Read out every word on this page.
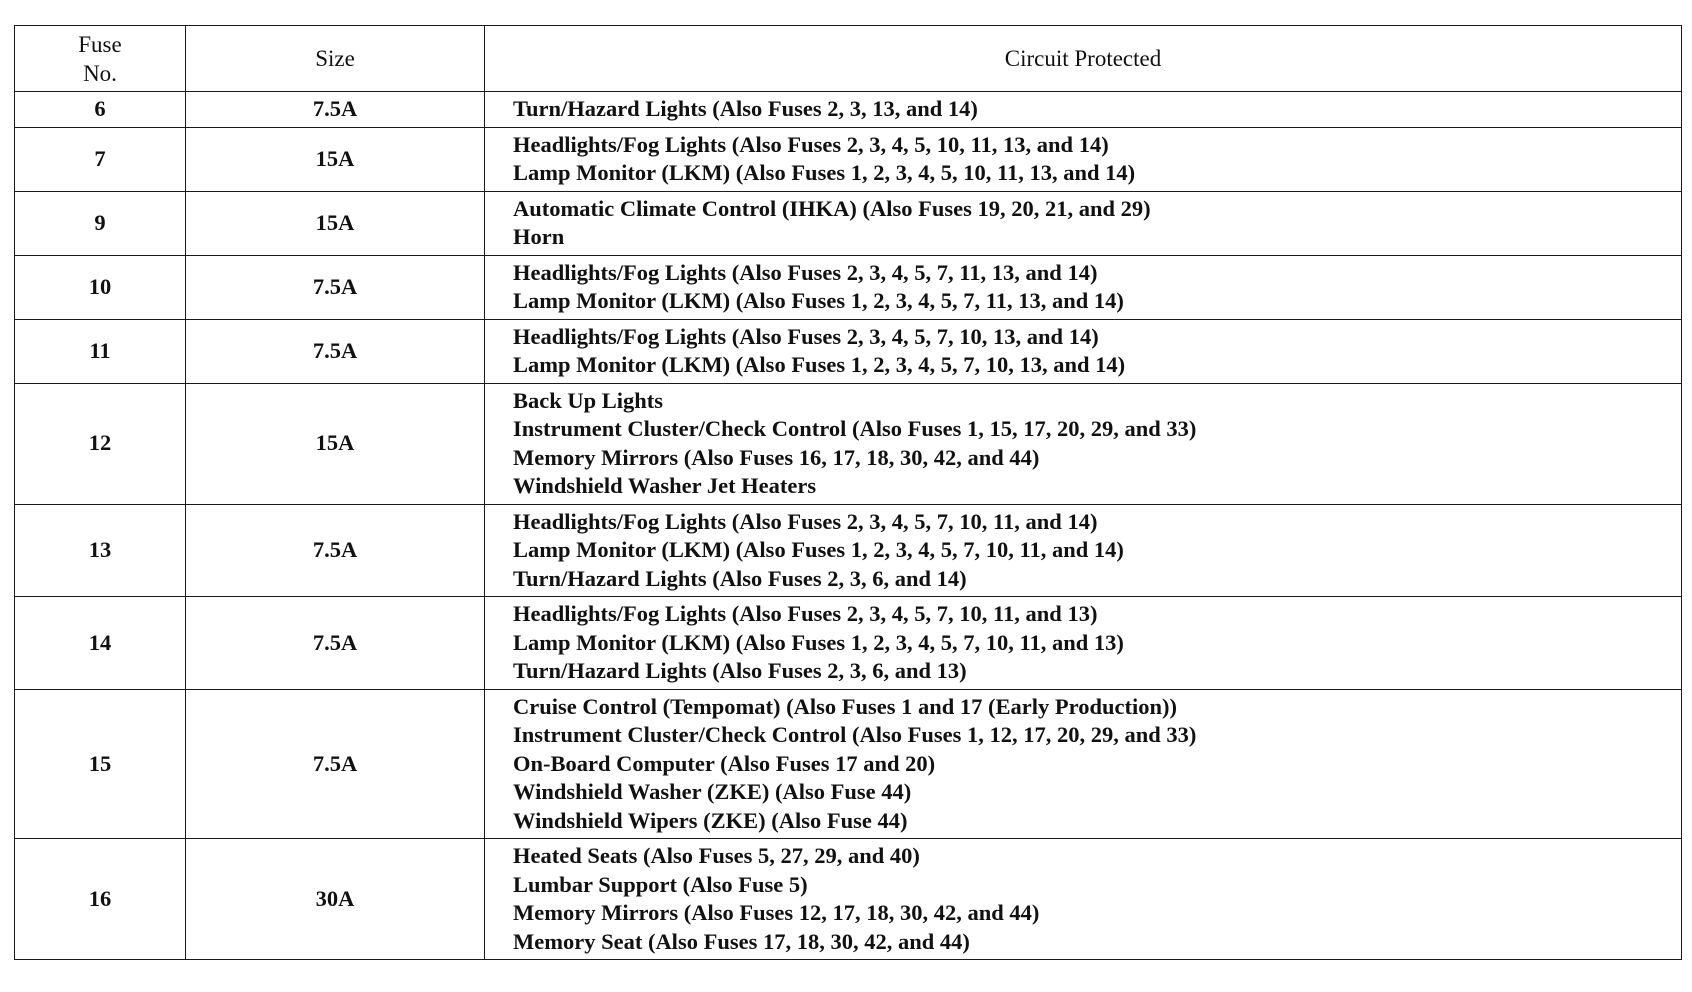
Fuse
No.	Size	Circuit Protected
6	7.5A	Turn/Hazard Lights (Also Fuses 2, 3, 13, and 14)

7	15A	Headlights/Fog Lights (Also Fuses 2, 3, 4, 5, 10, 11, 13, and 14)
Lamp Monitor (LKM) (Also Fuses 1, 2, 3, 4, 5, 10, 11, 13, and 14)

9	15A	Automatic Climate Control (IHKA) (Also Fuses 19, 20, 21, and 29)
Horn

10	7.5A	Headlights/Fog Lights (Also Fuses 2, 3, 4, 5, 7, 11, 13, and 14)
Lamp Monitor (LKM) (Also Fuses 1, 2, 3, 4, 5, 7, 11, 13, and 14)

11	7.5A	Headlights/Fog Lights (Also Fuses 2, 3, 4, 5, 7, 10, 13, and 14)
Lamp Monitor (LKM) (Also Fuses 1, 2, 3, 4, 5, 7, 10, 13, and 14)

12	15A	Back Up Lights
Instrument Cluster/Check Control (Also Fuses 1, 15, 17, 20, 29, and 33)
Memory Mirrors (Also Fuses 16, 17, 18, 30, 42, and 44)
Windshield Washer Jet Heaters

13	7.5A	Headlights/Fog Lights (Also Fuses 2, 3, 4, 5, 7, 10, 11, and 14)
Lamp Monitor (LKM) (Also Fuses 1, 2, 3, 4, 5, 7, 10, 11, and 14)
Turn/Hazard Lights (Also Fuses 2, 3, 6, and 14)

14	7.5A	Headlights/Fog Lights (Also Fuses 2, 3, 4, 5, 7, 10, 11, and 13)
Lamp Monitor (LKM) (Also Fuses 1, 2, 3, 4, 5, 7, 10, 11, and 13)
Turn/Hazard Lights (Also Fuses 2, 3, 6, and 13)

15	7.5A	Cruise Control (Tempomat) (Also Fuses 1 and 17 (Early Production))
Instrument Cluster/Check Control (Also Fuses 1, 12, 17, 20, 29, and 33)
On-Board Computer (Also Fuses 17 and 20)
Windshield Washer (ZKE) (Also Fuse 44)
Windshield Wipers (ZKE) (Also Fuse 44)

16	30A	Heated Seats (Also Fuses 5, 27, 29, and 40)
Lumbar Support (Also Fuse 5)
Memory Mirrors (Also Fuses 12, 17, 18, 30, 42, and 44)
Memory Seat (Also Fuses 17, 18, 30, 42, and 44)
